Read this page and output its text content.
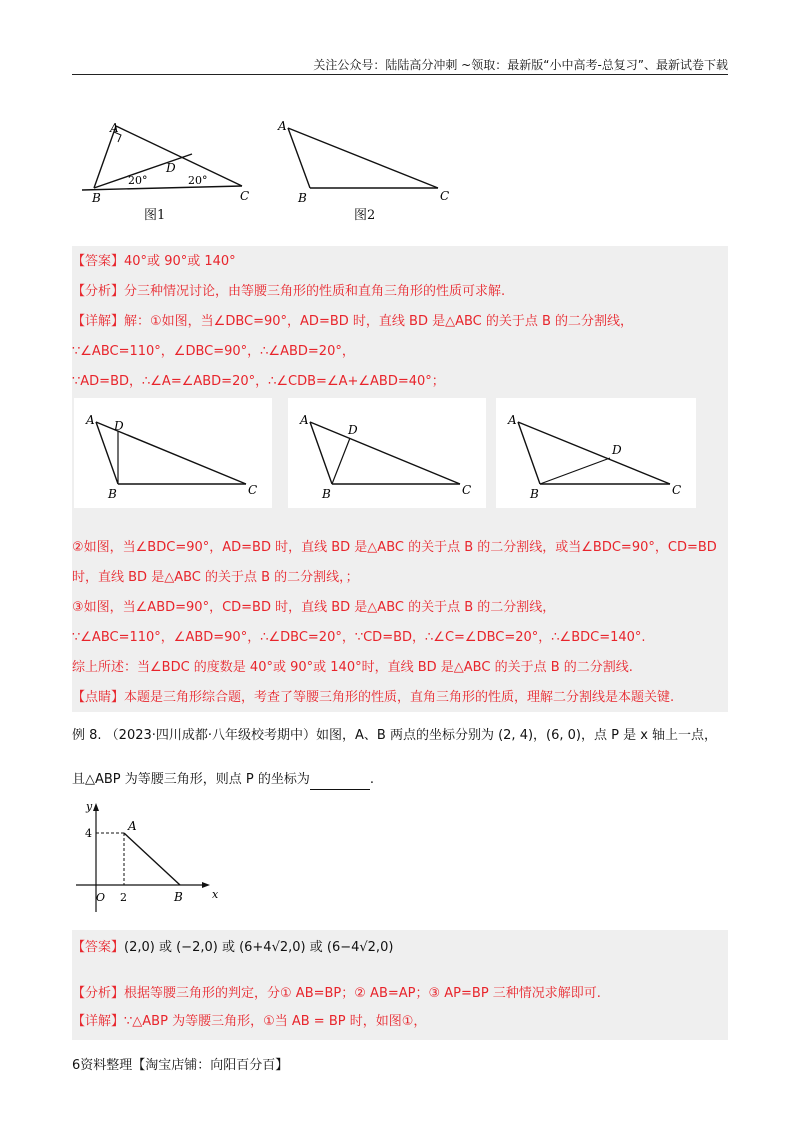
关注公众号：陆陆高分冲刺 ~领取：最新版“小中高考-总复习”、最新试卷下载
A
B	C
D
20°	20°
图1
A
B	C
图2
【答案】40°或 90°或 140°
【分析】分三种情况讨论，由等腰三角形的性质和直角三角形的性质可求解.
【详解】解：①如图，当∠DBC=90°，AD=BD 时，直线 BD 是△ABC 的关于点 B 的二分割线，
∵∠ABC=110°，∠DBC=90°，∴∠ABD=20°，
∵AD=BD，∴∠A=∠ABD=20°，∴∠CDB=∠A+∠ABD=40°；
A D
B	C
A
D
B	C
A
D
B	C
②如图，当∠BDC=90°，AD=BD 时，直线 BD 是△ABC 的关于点 B 的二分割线，或当∠BDC=90°，CD=BD
时，直线 BD 是△ABC 的关于点 B 的二分割线，；
③如图，当∠ABD=90°，CD=BD 时，直线 BD 是△ABC 的关于点 B 的二分割线，
∵∠ABC=110°，∠ABD=90°，∴∠DBC=20°，∵CD=BD，∴∠C=∠DBC=20°，∴∠BDC=140°.
综上所述：当∠BDC 的度数是 40°或 90°或 140°时，直线 BD 是△ABC 的关于点 B 的二分割线.
【点睛】本题是三角形综合题，考查了等腰三角形的性质，直角三角形的性质，理解二分割线是本题关键.
例 8. （2023·四川成都·八年级校考期中）如图，A、B 两点的坐标分别为 (2, 4)，(6, 0)，点 P 是 x 轴上一点，
且△ABP 为等腰三角形，则点 P 的坐标为	.
y
x
O
4
2
A
B
【答案】(2,0) 或 (−2,0) 或 (6+4√2,0) 或 (6−4√2,0)
【分析】根据等腰三角形的判定，分① AB=BP；② AB=AP；③ AP=BP 三种情况求解即可.
【详解】∵△ABP 为等腰三角形，①当 AB = BP 时，如图①，
6资料整理【淘宝店铺：向阳百分百】
